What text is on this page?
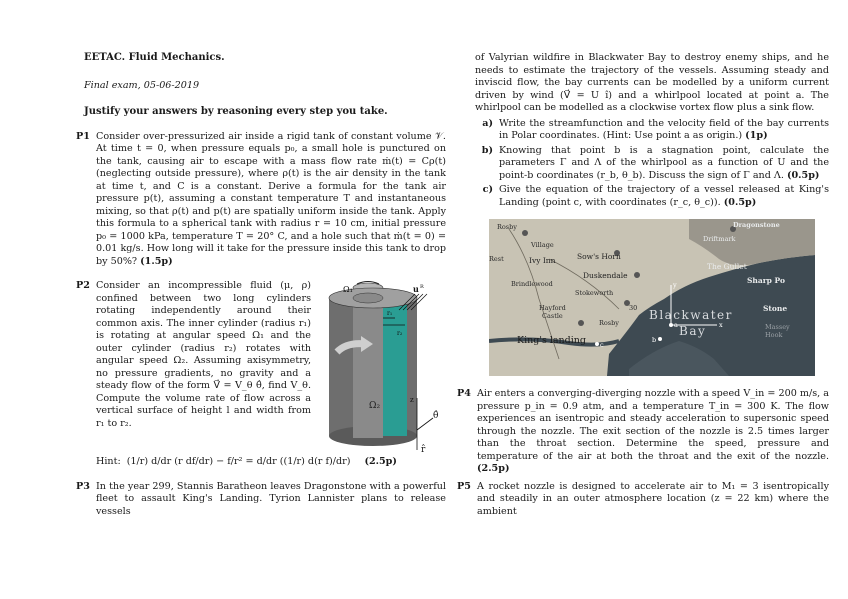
EETAC. Fluid Mechanics.
Final exam, 05-06-2019
Justify your answers by reasoning every step you take.
P1 Consider over-pressurized air inside a rigid tank of constant volume 𝒱. At time t = 0, when pressure equals p₀, a small hole is punctured on the tank, causing air to escape with a mass flow rate ṁ(t) = Cρ(t) (neglecting outside pressure), where ρ(t) is the air density in the tank at time t, and C is a constant. Derive a formula for the tank air pressure p(t), assuming a constant temperature T and instantaneous mixing, so that ρ(t) and p(t) are spatially uniform inside the tank. Apply this formula to a spherical tank with radius r = 10 cm, initial pressure p₀ = 1000 kPa, temperature T = 20° C, and a hole such that ṁ(t = 0) = 0.01 kg/s. How long will it take for the pressure inside this tank to drop by 50%? (1.5p)
P2 Consider an incompressible fluid (μ, ρ) confined between two long cylinders rotating independently around their common axis. The inner cylinder (radius r₁) is rotating at angular speed Ω₁ and the outer cylinder (radius r₂) rotates with angular speed Ω₂. Assuming axisymmetry, no pressure gradients, no gravity and a steady flow of the form V⃗ = V_θ θ̂, find V_θ. Compute the volume rate of flow across a vertical surface of height l and width from r₁ to r₂.
Ω₂
Ω₁	u R
r₁
r₂
z
θ̂
r̂
Hint: (1/r) d/dr (r df/dr) − f/r² = d/dr ((1/r) d(r f)/dr) (2.5p)
P3 In the year 299, Stannis Baratheon leaves Dragonstone with a powerful fleet to assault King's Landing. Tyrion Lannister plans to release vessels
of Valyrian wildfire in Blackwater Bay to destroy enemy ships, and he needs to estimate the trajectory of the vessels. Assuming steady and inviscid flow, the bay currents can be modelled by a uniform current driven by wind (V⃗ = U î) and a whirlpool located at point a. The whirlpool can be modelled as a clockwise vortex flow plus a sink flow.
a) Write the streamfunction and the velocity field of the bay currents in Polar coordinates. (Hint: Use point a as origin.) (1p)
b) Knowing that point b is a stagnation point, calculate the parameters Γ and Λ of the whirlpool as a function of U and the point-b coordinates (r_b, θ_b). Discuss the sign of Γ and Λ. (0.5p)
c) Give the equation of the trajectory of a vessel released at King's Landing (point c, with coordinates (r_c, θ_c)). (0.5p)
Rosby
Village
Rest	Ivy Inn	Sow's Horn
Duskendale
Brindlewood
Stokeworth
Hayford
Castle
Rosby
King's landing
30 Blackwater
Bay
Dragonstone
Driftmark
The Gullet
Sharp Po
Stone
Massey
Hook
a
b
c
x
y
P4 Air enters a converging-diverging nozzle with a speed V_in = 200 m/s, a pressure p_in = 0.9 atm, and a temperature T_in = 300 K. The flow experiences an isentropic and steady acceleration to supersonic speed through the nozzle. The exit section of the nozzle is 2.5 times larger than the throat section. Determine the speed, pressure and temperature of the air at both the throat and the exit of the nozzle. (2.5p)
P5 A rocket nozzle is designed to accelerate air to M₁ = 3 isentropically and steadily in an outer atmosphere location (z = 22 km) where the ambient
